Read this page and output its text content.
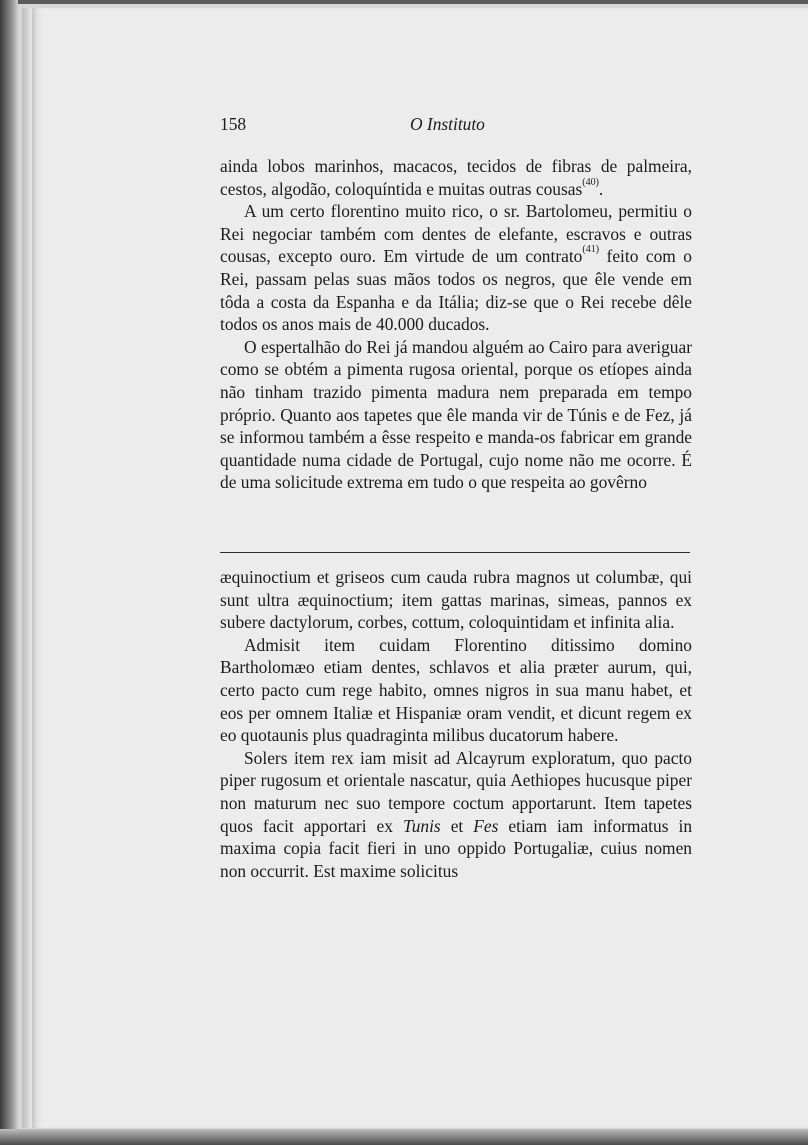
158	O Instituto

ainda lobos marinhos, macacos, tecidos de fibras de palmeira, cestos, algodão, coloquíntida e muitas outras cousas$^{(40)}$.

A um certo florentino muito rico, o sr. Bartolomeu, permitiu o Rei negociar também com dentes de elefante, escravos e outras cousas, excepto ouro. Em virtude de um contrato$^{(41)}$ feito com o Rei, passam pelas suas mãos todos os negros, que êle vende em tôda a costa da Espanha e da Itália; diz-se que o Rei recebe dêle todos os anos mais de 40.000 ducados.

O espertalhão do Rei já mandou alguém ao Cairo para averiguar como se obtém a pimenta rugosa oriental, porque os etíopes ainda não tinham trazido pimenta madura nem preparada em tempo próprio. Quanto aos tapetes que êle manda vir de Túnis e de Fez, já se informou também a êsse respeito e manda-os fabricar em grande quantidade numa cidade de Portugal, cujo nome não me ocorre. É de uma solicitude extrema em tudo o que respeita ao govêrno

æquinoctium et griseos cum cauda rubra magnos ut columbæ, qui sunt ultra æquinoctium; item gattas marinas, simeas, pannos ex subere dactylorum, corbes, cottum, coloquintidam et infinita alia.

Admisit item cuidam Florentino ditissimo domino Bartholomæo etiam dentes, schlavos et alia præter aurum, qui, certo pacto cum rege habito, omnes nigros in sua manu habet, et eos per omnem Italiæ et Hispaniæ oram vendit, et dicunt regem ex eo quotaunis plus quadraginta milibus ducatorum habere.

Solers item rex iam misit ad Alcayrum exploratum, quo pacto piper rugosum et orientale nascatur, quia Aethiopes hucusque piper non maturum nec suo tempore coctum apportarunt. Item tapetes quos facit apportari ex Tunis et Fes etiam iam informatus in maxima copia facit fieri in uno oppido Portugaliæ, cuius nomen non occurrit. Est maxime solicitus
